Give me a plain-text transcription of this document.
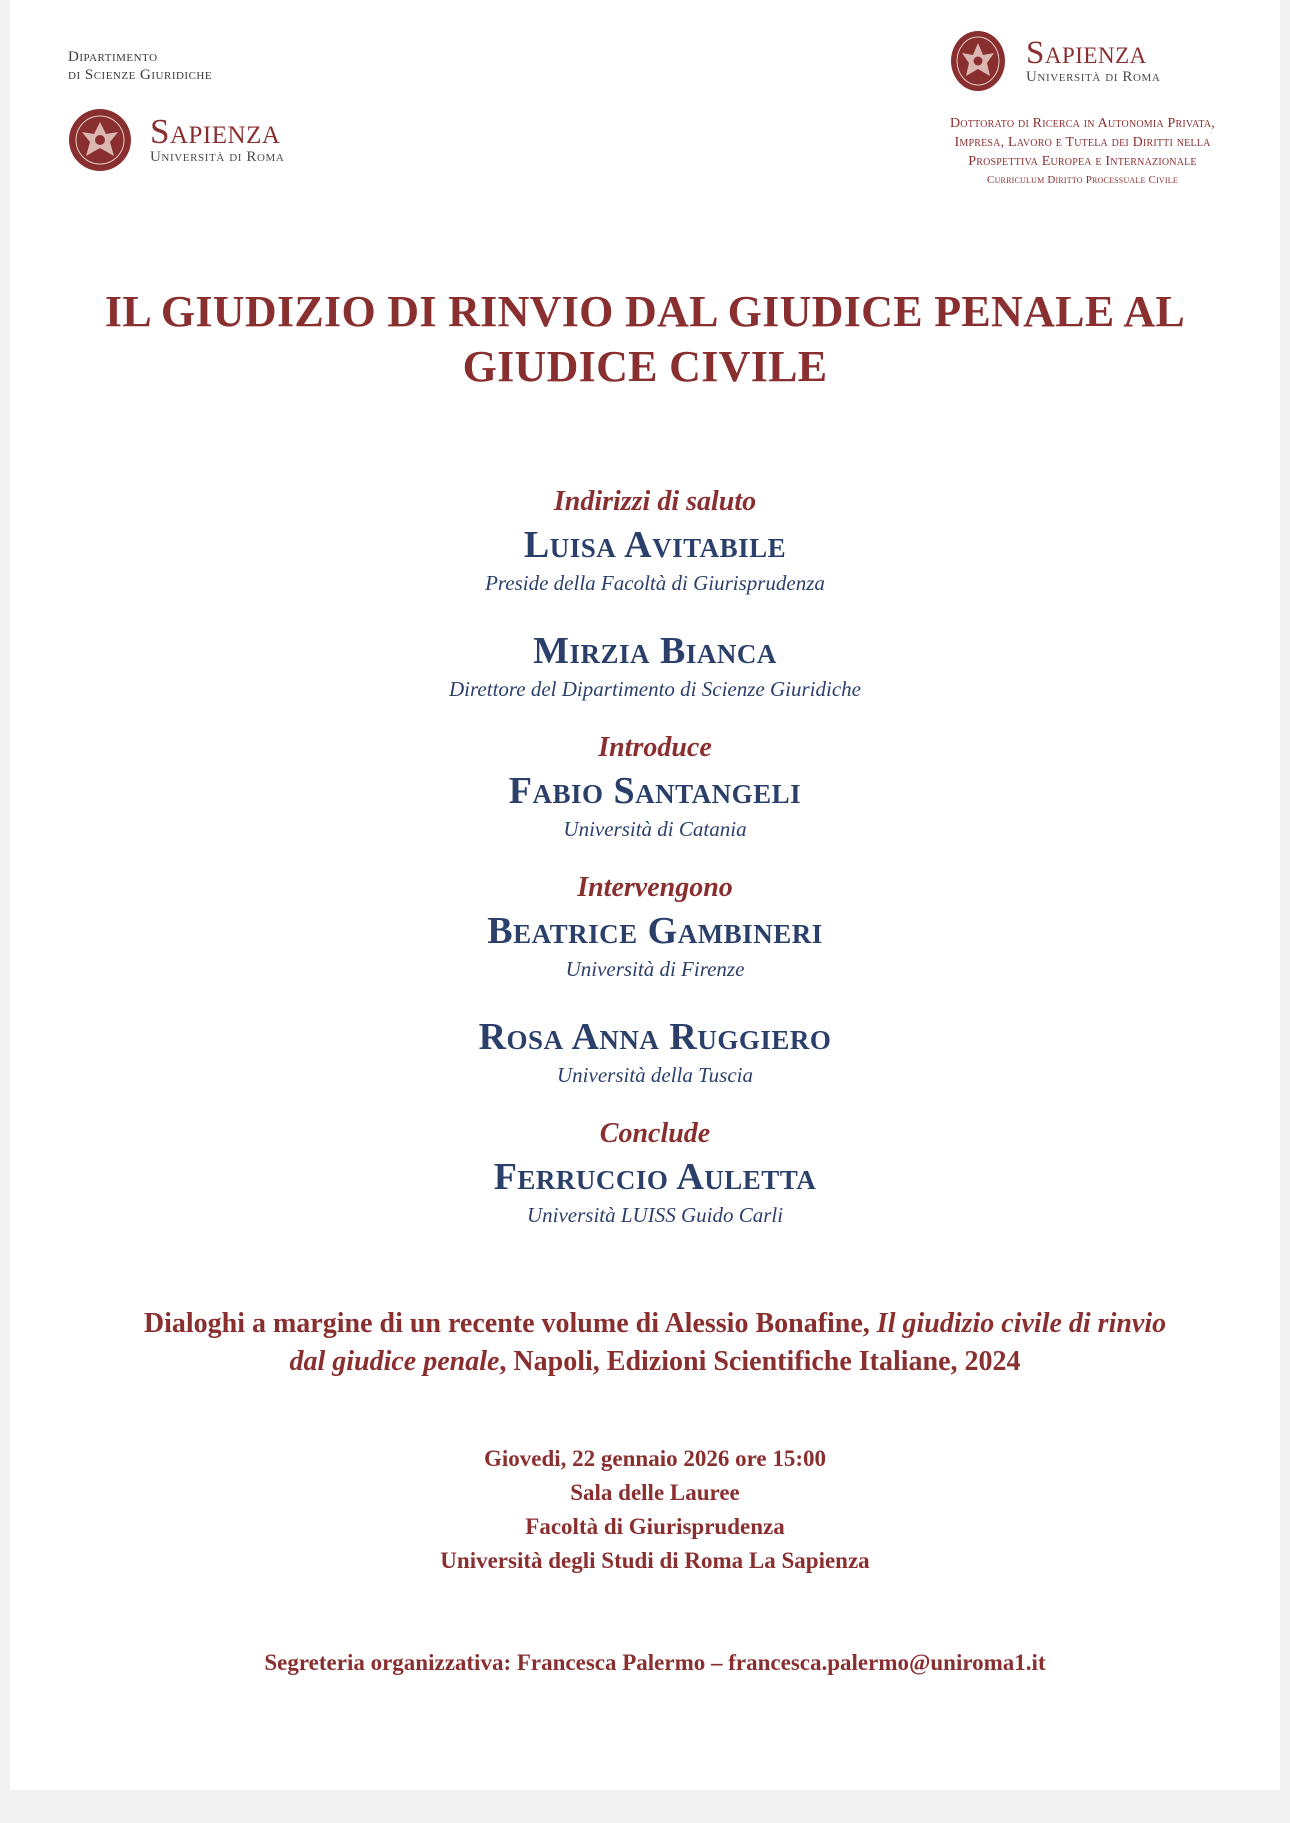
Dipartimento
di Scienze Giuridiche
Sapienza
Università di Roma
Sapienza
Università di Roma
Dottorato di Ricerca in Autonomia Privata,
Impresa, Lavoro e Tutela dei Diritti nella
Prospettiva Europea e Internazionale
Curriculum Diritto Processuale Civile
IL GIUDIZIO DI RINVIO DAL GIUDICE PENALE AL
GIUDICE CIVILE
Indirizzi di saluto
Luisa Avitabile
Preside della Facoltà di Giurisprudenza
Mirzia Bianca
Direttore del Dipartimento di Scienze Giuridiche
Introduce
Fabio Santangeli
Università di Catania
Intervengono
Beatrice Gambineri
Università di Firenze
Rosa Anna Ruggiero
Università della Tuscia
Conclude
Ferruccio Auletta
Università LUISS Guido Carli
Dialoghi a margine di un recente volume di Alessio Bonafine, Il giudizio civile di rinvio
dal giudice penale, Napoli, Edizioni Scientifiche Italiane, 2024
Giovedi, 22 gennaio 2026 ore 15:00
Sala delle Lauree
Facoltà di Giurisprudenza
Università degli Studi di Roma La Sapienza
Segreteria organizzativa: Francesca Palermo – francesca.palermo@uniroma1.it
